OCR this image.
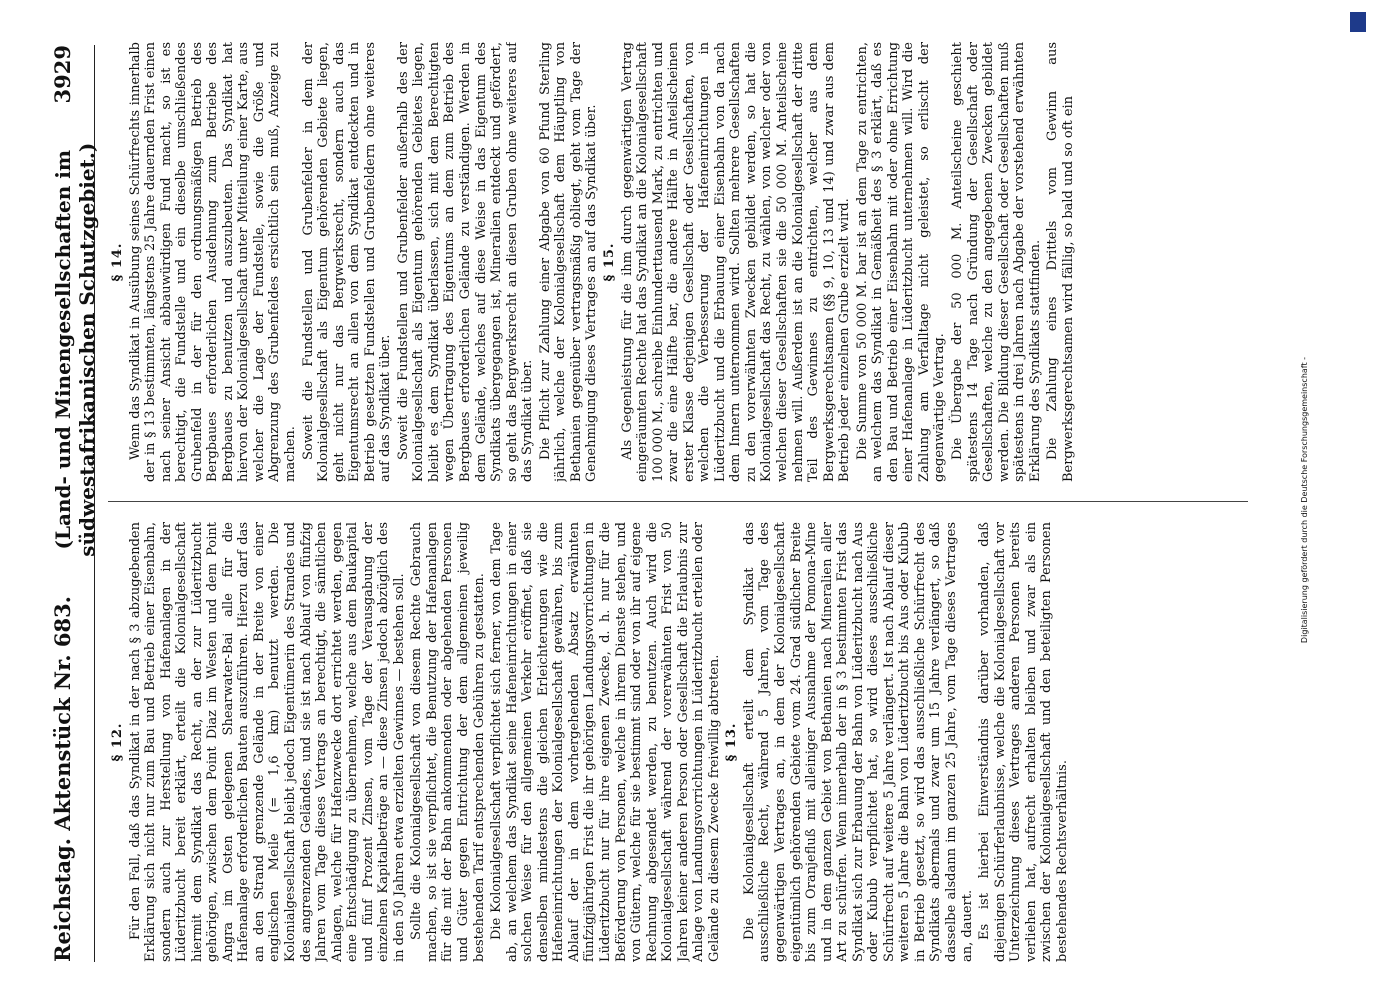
Reichstag. Aktenstück Nr. 683.
(Land- und Minengesellschaften im südwestafrikanischen Schutzgebiet.)
3929
§ 12. Für den Fall, daß das Syndikat in der nach § 3 abzugebenden Erklärung sich nicht nur zum Bau und Betrieb einer Eisenbahn, sondern auch zur Herstellung von Hafenanlagen in der Lüderitzbucht bereit erklärt, erteilt die Kolonialgesellschaft hiermit dem Syndikat das Recht, an der zur Lüderitzbucht gehörigen, zwischen dem Point Diaz im Westen und dem Point Angra im Osten gelegenen Shearwater-Bai alle für die Hafenanlage erforderlichen Bauten auszuführen. Hierzu darf das an den Strand grenzende Gelände in der Breite von einer englischen Meile (= 1,6 km) benutzt werden. Die Kolonialgesellschaft bleibt jedoch Eigentümerin des Strandes und des angrenzenden Geländes, und sie ist nach Ablauf von fünfzig Jahren vom Tage dieses Vertrags an berechtigt, die sämtlichen Anlagen, welche für Hafenzwecke dort errichtet werden, gegen eine Entschädigung zu übernehmen, welche aus dem Baukapital und fünf Prozent Zinsen, vom Tage der Verausgabung der einzelnen Kapitalbeträge an — diese Zinsen jedoch abzüglich des in den 50 Jahren etwa erzielten Gewinnes — bestehen soll. Sollte die Kolonialgesellschaft von diesem Rechte Gebrauch machen, so ist sie verpflichtet, die Benutzung der Hafenanlagen für die mit der Bahn ankommenden oder abgehenden Personen und Güter gegen Entrichtung der dem allgemeinen jeweilig bestehenden Tarif entsprechenden Gebühren zu gestatten. Die Kolonialgesellschaft verpflichtet sich ferner, von dem Tage ab, an welchem das Syndikat seine Hafeneinrichtungen in einer solchen Weise für den allgemeinen Verkehr eröffnet, daß sie denselben mindestens die gleichen Erleichterungen wie die Hafeneinrichtungen der Kolonialgesellschaft gewähren, bis zum Ablauf der in dem vorhergehenden Absatz erwähnten fünfzigjährigen Frist die ihr gehörigen Landungsvorrichtungen in Lüderitzbucht nur für ihre eigenen Zwecke, d. h. nur für die Beförderung von Personen, welche in ihrem Dienste stehen, und von Gütern, welche für sie bestimmt sind oder von ihr auf eigene Rechnung abgesendet werden, zu benutzen. Auch wird die Kolonialgesellschaft während der vorerwähnten Frist von 50 Jahren keiner anderen Person oder Gesellschaft die Erlaubnis zur Anlage von Landungsvorrichtungen in Lüderitzbucht erteilen oder Gelände zu diesem Zwecke freiwillig abtreten. § 13. Die Kolonialgesellschaft erteilt dem Syndikat das ausschließliche Recht, während 5 Jahren, vom Tage des gegenwärtigen Vertrages an, in dem der Kolonialgesellschaft eigentümlich gehörenden Gebiete vom 24. Grad südlicher Breite bis zum Oranjefluß mit alleiniger Ausnahme der Pomona-Mine und in dem ganzen Gebiet von Bethanien nach Mineralien aller Art zu schürfen. Wenn innerhalb der in § 3 bestimmten Frist das Syndikat sich zur Erbauung der Bahn von Lüderitzbucht nach Aus oder Kubub verpflichtet hat, so wird dieses ausschließliche Schürfrecht auf weitere 5 Jahre verlängert. Ist nach Ablauf dieser weiteren 5 Jahre die Bahn von Lüderitzbucht bis Aus oder Kubub in Betrieb gesetzt, so wird das ausschließliche Schürfrecht des Syndikats abermals und zwar um 15 Jahre verlängert, so daß dasselbe alsdann im ganzen 25 Jahre, vom Tage dieses Vertrages an, dauert. Es ist hierbei Einverständnis darüber vorhanden, daß diejenigen Schürferlaubnisse, welche die Kolonialgesellschaft vor Unterzeichnung dieses Vertrages anderen Personen bereits verliehen hat, aufrecht erhalten bleiben und zwar als ein zwischen der Kolonialgesellschaft und den beteiligten Personen bestehendes Rechtsverhältnis.
§ 14. Wenn das Syndikat in Ausübung seines Schürfrechts innerhalb der in § 13 bestimmten, längstens 25 Jahre dauernden Frist einen nach seiner Ansicht abbauwürdigen Fund macht, so ist es berechtigt, die Fundstelle und ein dieselbe umschließendes Grubenfeld in der für den ordnungsmäßigen Betrieb des Bergbaues erforderlichen Ausdehnung zum Betriebe des Bergbaues zu benutzen und auszubeuten. Das Syndikat hat hiervon der Kolonialgesellschaft unter Mitteilung einer Karte, aus welcher die Lage der Fundstelle, sowie die Größe und Abgrenzung des Grubenfeldes ersichtlich sein muß, Anzeige zu machen. Soweit die Fundstellen und Grubenfelder in dem der Kolonialgesellschaft als Eigentum gehörenden Gebiete liegen, geht nicht nur das Bergwerksrecht, sondern auch das Eigentumsrecht an allen von dem Syndikat entdeckten und in Betrieb gesetzten Fundstellen und Grubenfeldern ohne weiteres auf das Syndikat über. Soweit die Fundstellen und Grubenfelder außerhalb des der Kolonialgesellschaft als Eigentum gehörenden Gebietes liegen, bleibt es dem Syndikat überlassen, sich mit dem Berechtigten wegen Übertragung des Eigentums an dem zum Betrieb des Bergbaues erforderlichen Gelände zu verständigen. Werden in dem Gelände, welches auf diese Weise in das Eigentum des Syndikats übergegangen ist, Mineralien entdeckt und gefördert, so geht das Bergwerksrecht an diesen Gruben ohne weiteres auf das Syndikat über. Die Pflicht zur Zahlung einer Abgabe von 60 Pfund Sterling jährlich, welche der Kolonialgesellschaft dem Häuptling von Bethanien gegenüber vertragsmäßig obliegt, geht vom Tage der Genehmigung dieses Vertrages an auf das Syndikat über. § 15. Als Gegenleistung für die ihm durch gegenwärtigen Vertrag eingeräumten Rechte hat das Syndikat an die Kolonialgesellschaft 100 000 M., schreibe Einhunderttausend Mark, zu entrichten und zwar die eine Hälfte bar, die andere Hälfte in Anteilscheinen erster Klasse derjenigen Gesellschaft oder Gesellschaften, von welchen die Verbesserung der Hafeneinrichtungen in Lüderitzbucht und die Erbauung einer Eisenbahn von da nach dem Innern unternommen wird. Sollten mehrere Gesellschaften zu den vorerwähnten Zwecken gebildet werden, so hat die Kolonialgesellschaft das Recht, zu wählen, von welcher oder von welchen dieser Gesellschaften sie die 50 000 M. Anteilscheine nehmen will. Außerdem ist an die Kolonialgesellschaft der dritte Teil des Gewinnes zu entrichten, welcher aus dem Bergwerksgerechtsamen (§§ 9, 10, 13 und 14) und zwar aus dem Betrieb jeder einzelnen Grube erzielt wird. Die Summe von 50 000 M. bar ist an dem Tage zu entrichten, an welchem das Syndikat in Gemäßheit des § 3 erklärt, daß es den Bau und Betrieb einer Eisenbahn mit oder ohne Errichtung einer Hafenanlage in Lüderitzbucht unternehmen will. Wird die Zahlung am Verfalltage nicht geleistet, so erlischt der gegenwärtige Vertrag. Die Übergabe der 50 000 M. Anteilscheine geschieht spätestens 14 Tage nach Gründung der Gesellschaft oder Gesellschaften, welche zu den angegebenen Zwecken gebildet werden. Die Bildung dieser Gesellschaft oder Gesellschaften muß spätestens in drei Jahren nach Abgabe der vorstehend erwähnten Erklärung des Syndikats stattfinden. Die Zahlung eines Drittels vom Gewinn aus Bergwerksgerechtsamen wird fällig, so bald und so oft ein
Digitalisierung gefördert durch die Deutsche Forschungsgemeinschaft -
